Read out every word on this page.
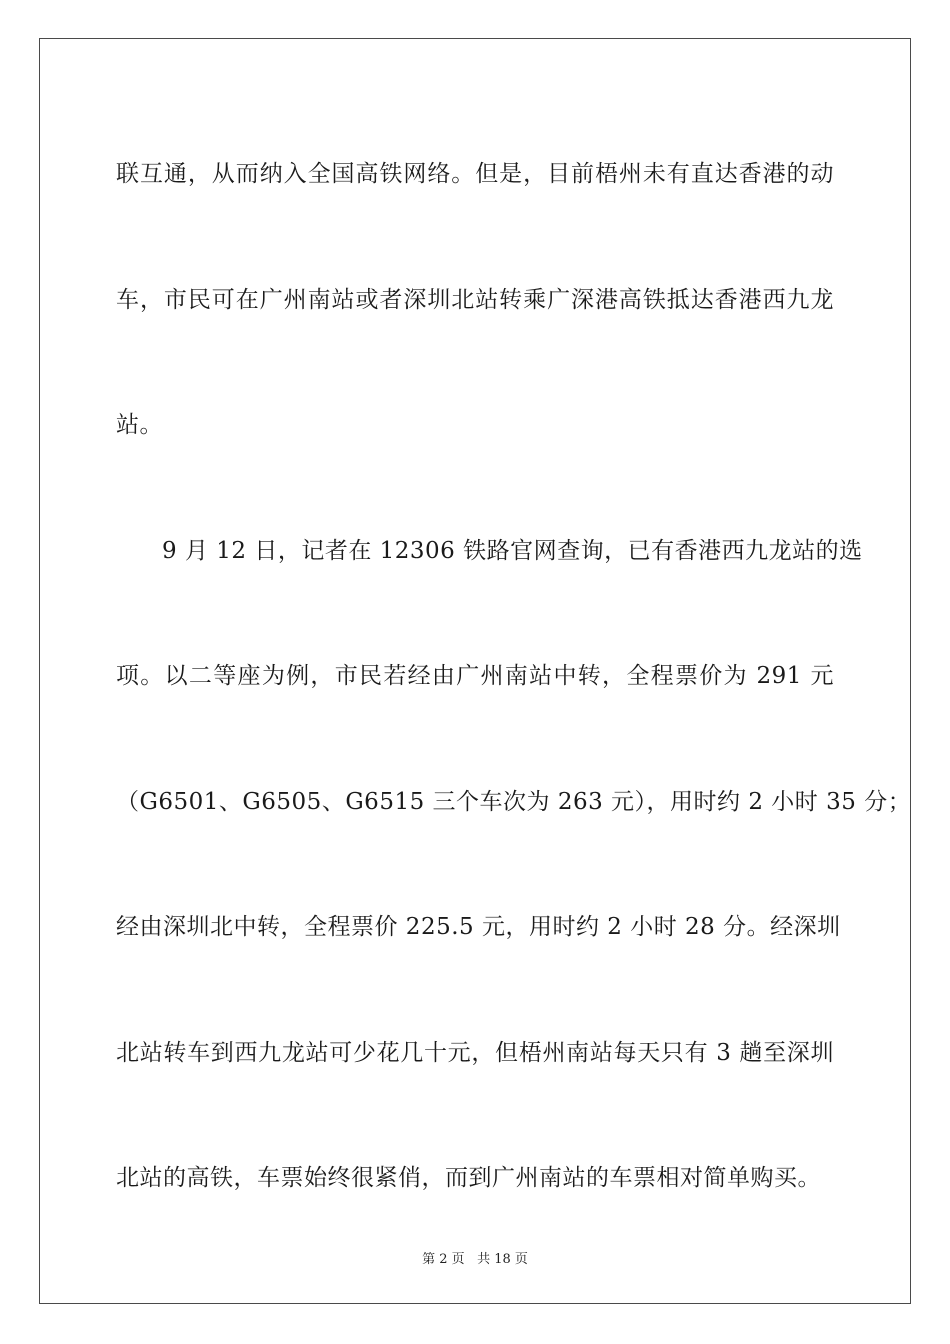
联互通，从而纳入全国高铁网络。但是，目前梧州未有直达香港的动

车，市民可在广州南站或者深圳北站转乘广深港高铁抵达香港西九龙

站。

9 月 12 日，记者在 12306 铁路官网查询，已有香港西九龙站的选

项。以二等座为例，市民若经由广州南站中转，全程票价为 291 元

（G6501、G6505、G6515 三个车次为 263 元），用时约 2 小时 35 分；

经由深圳北中转，全程票价 225.5 元，用时约 2 小时 28 分。经深圳

北站转车到西九龙站可少花几十元，但梧州南站每天只有 3 趟至深圳

北站的高铁，车票始终很紧俏，而到广州南站的车票相对简单购买。

第 2 页 共 18 页
